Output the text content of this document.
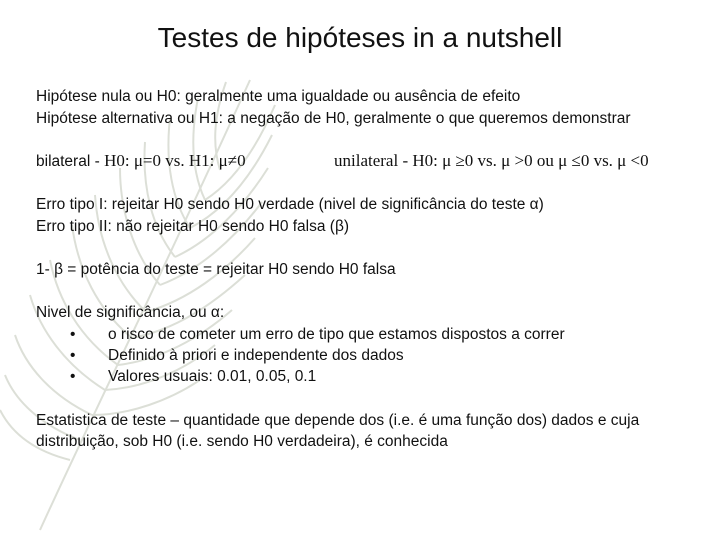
Testes de hipóteses in a nutshell
Hipótese nula ou H0: geralmente uma igualdade ou ausência de efeito
Hipótese alternativa ou H1: a negação de H0, geralmente o que queremos demonstrar
bilateral - H0: μ=0 vs. H1: μ≠0	unilateral - H0: μ ≥0 vs. μ >0 ou μ ≤0 vs. μ <0
Erro tipo I: rejeitar H0 sendo H0 verdade (nivel de significância do teste α)
Erro tipo II: não rejeitar H0 sendo H0 falsa (β)
1- β = potência do teste = rejeitar H0 sendo H0 falsa
Nivel de significância, ou α:
• o risco de cometer um erro de tipo que estamos dispostos a correr
• Definido à priori e independente dos dados
• Valores usuais: 0.01, 0.05, 0.1
Estatistica de teste – quantidade que depende dos (i.e. é uma função dos) dados e cuja
distribuição, sob H0 (i.e. sendo H0 verdadeira), é conhecida
